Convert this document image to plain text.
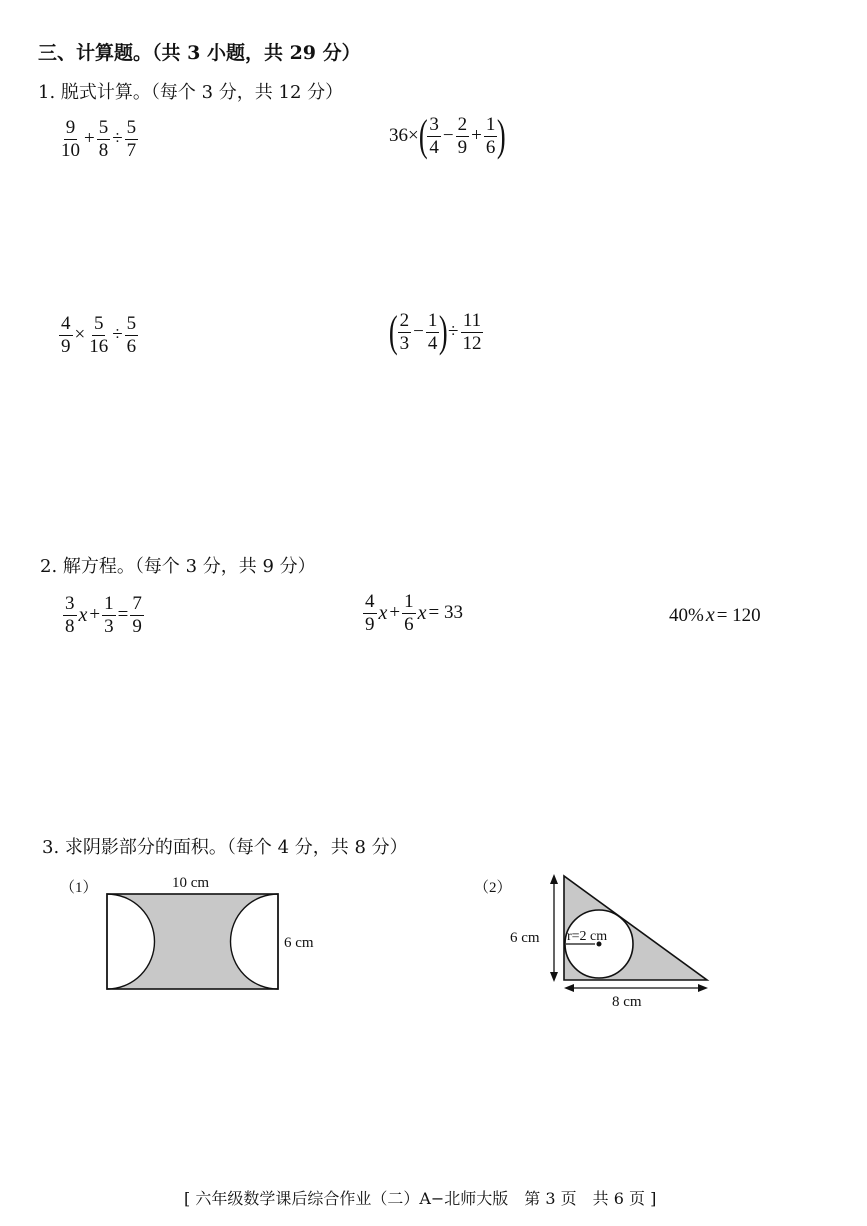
三、计算题。（共 3 小题，共 29 分）
1. 脱式计算。（每个 3 分，共 12 分）
$\frac{9}{10} + \frac{5}{8} \div \frac{5}{7}$	36× ( $\frac{3}{4} - \frac{2}{9} + \frac{1}{6}$ )
$\frac{4}{9} \times \frac{5}{16} \div \frac{5}{6}$	( $\frac{2}{3} - \frac{1}{4}$ ) ÷ $\frac{11}{12}$
2. 解方程。（每个 3 分，共 9 分）
$\frac{3}{8}$ $x + \frac{1}{3} = \frac{7}{9}$	$\frac{4}{9}$ $x + \frac{1}{6}$ x = 33	40% x = 120
3. 求阴影部分的面积。（每个 4 分，共 8 分）
（1）	10 cm
6 cm
（2）
6 cm r=2 cm
8 cm
[ 六年级数学课后综合作业（二）A−北师大版　第 3 页　共 6 页 ]
